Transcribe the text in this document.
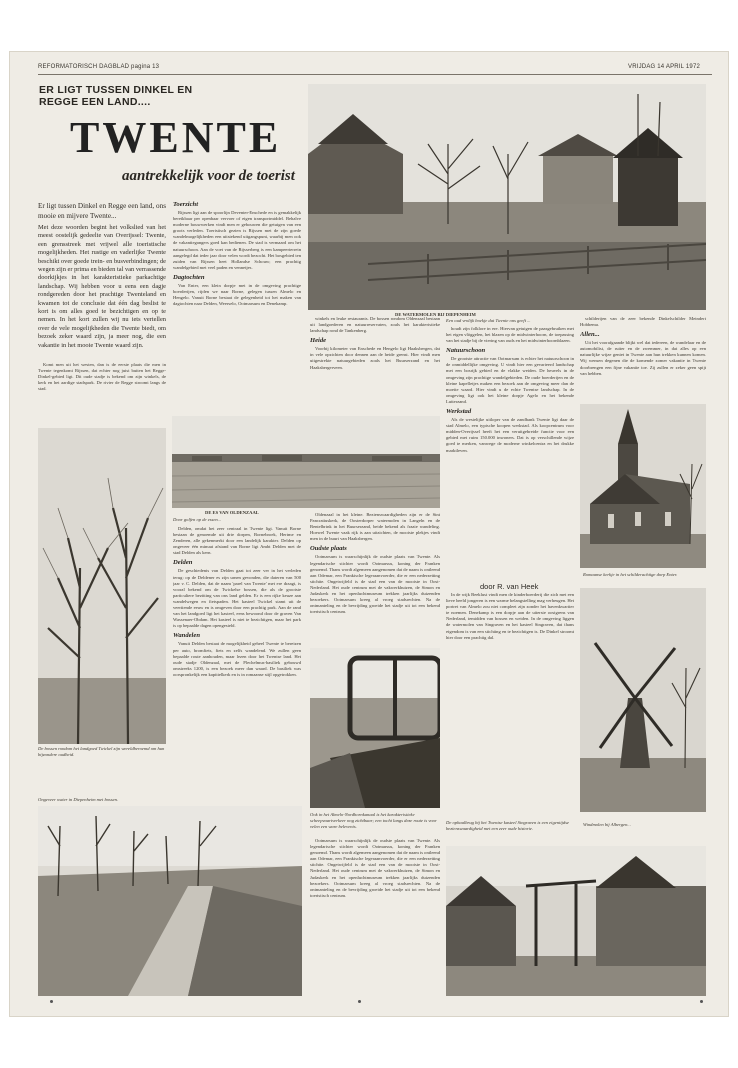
REFORMATORISCH DAGBLAD pagina 13	VRIJDAG 14 APRIL 1972
ER LIGT TUSSEN DINKEL EN REGGE EEN LAND....
TWENTE
aantrekkelijk voor de toerist

Er ligt tussen Dinkel en Regge een land, ons mooie en mijvere Twente...

Met deze woorden begint het volkslied van het meest oostelijk gedeelte van Overijssel: Twente, een grensstreek met vrijwel alle toeristische mogelijkheden. Het rustige en vaderlijke Twente beschikt over goede trein- en busverbindingen; de wegen zijn er prima en bieden tal van verrassende doorkijkjes in het karakteristieke parkachtige landschap. Wij hebben voor u eens een dagje rondgereden door het prachtige Twenteland en kwamen tot de conclusie dat één dag beslist te kort is om alles goed te bezichtigen en op te nemen. In het kort zullen wij nu iets vertellen over de vele mogelijkheden die Twente biedt, om bezoek zeker waard zijn, ja meer nog, die een vakantie in het mooie Twente waard zijn.

Komt men uit het westen, dan is de eerste plaats die men in Twente tegenkomt Rijssen, dat echter nog juist buiten het Regge-Dinkel-gebied ligt. Dit oude stadje is bekend om zijn winkels, de kerk en het aardige stadspark. De rivier de Regge stroomt langs de stad.

Toerzicht

Rijssen ligt aan de spoorlijn Deventer-Enschede en is gemakkelijk bereikbaar per openbaar vervoer of eigen transportmiddel. Behalve moderne bouwwerken vindt men er gebouwen die getuigen van een groots verleden. Toeristisch gezien is Rijssen met de zijn goede wandelmogelijkheden een uitstekend uitgangspunt, waarbij men ook de vakantiegangers goed kan bedienen. De stad is vermaard om het natuurschoon. Aan de voet van de Rijsserberg is een kampeerterrein aangelegd dat ieder jaar door velen wordt bezocht. Het bosgebied ten zuiden van Rijssen heet Hollandse Schouw; een prachtig wandelgebied met veel paden en vennetjes.

Dagtochten

Van Enter, een klein dorpje met in de omgeving prachtige boerderijen, rijden we naar Borne, gelegen tussen Almelo en Hengelo. Vanuit Borne bestaat de gelegenheid tot het maken van dagtochten naar Delden, Weerselo, Ootmarsum en Denekamp.

winkels en leuke restaurants. De bossen rondom Oldenzaal bestaan uit landgoederen en natuurreservaten, zoals het karakteristieke landschap rond de Tankenberg.

Heide

Voorbij kilometer van Enschede en Hengelo ligt Haaksbergen, dat in vele opzichten door dennen aan de heide grenst. Hier vindt men uitgestrekte natuurgebieden zoals het Buurserzand en het Haaksbergerveen.

houdt zijn folklore in ere. Hiervan getuigen de paasgebruiken met het eigen vlöggelen, het blazen op de midwinterhoorn, de toepassing van het stadje bij de viering van ouds en het midwinterhoornblazen.

Natuurschoon

De grootste attractie van Ootmarsum is echter het natuurschoon in de onmiddellijke omgeving. U vindt hier een gevarieerd landschap met een bosrijk gebied en de vlakke weiden. De heuvels in de omgeving zijn prachtige wandelgebieden. De oude boerderijen en de kleine kapelletjes maken een bezoek aan de omgeving meer dan de moeite waard. Hier vindt u de echte Twentse landschap. In de omgeving ligt ook het kleine dorpje Agelo en het bekende Lutterzand.

Werkstad

Als de westelijke uitloper van de zandbank Twente ligt daar de stad Almelo, een typische koopen werkstad. Als koopcentrum voor midden-Overijssel heeft het een veruitgebreide functie voor een gebied met ruim 150.000 inwoners. Dat is op verschillende wijze goed te merken, vanwege de moderne winkelcentra en het drukke marktleven.

door R. van Heek

schilderijen van de zeer bekende Dinkelschilder Meindert Hobbema.

Allen...

Uit het voorafgaande blijkt wel dat iedereen, de wandelaar en de automobilist, de ruiter en de zwemmer, in dat alles op een natuurlijke wijze geniet in Twente aan hun trekken kunnen komen. Wij wensen degenen die de komende zomer vakantie in Twente doorbrengen een fijne vakantie toe. Zij zullen er zeker geen spijt van hebben.

DE WATERMOLEN BIJ DIEPENHEIM
Een oud vrolijk boekje dat Twente ons geeft ...
DE ES VAN OLDENZAAL
Door golfen op de essen...

Delden, omdat het zeer centraal in Twente ligt. Vanuit Borne bestaan de genoemde uit drie dorpen, Bornebroek, Hertme en Zenderen, alle gekenmerkt door een landelijk karakter. Delden op ongeveer één minuut afstand van Borne ligt Ambt Delden met de stad Delden als kern.

Delden

De geschiedenis van Delden gaat tot zeer ver in het verleden terug: op de Deldener es zijn urnen gevonden, die dateren van 500 jaar v. C. Delden, dat de naam 'parel van Twente' met ere draagt, is vooral bekend om de Twickelse bossen, die als de grootste particuliere bezitting van ons land gelden. Er is een rijke keuze aan wandelwegen en fietspaden. Het kasteel Twickel stamt uit de veertiende eeuw en is omgeven door een prachtig park. Aan de rand van het landgoed ligt het kasteel, eens bewoond door de graven Van Wassenaer-Obdam. Het kasteel is niet te bezichtigen, maar het park is op bepaalde dagen opengesteld.

Wandelen

Vanuit Delden bestaat de mogelijkheid geheel Twente te bereizen per auto, bromfiets, fiets en zelfs wandelend. We zullen geen bepaalde route aanhouden, maar lezen door het Twentse land. Het oude stadje Oldenzaal, met de Plechelmus-basiliek gebouwd omstreeks 1200, is een bezoek meer dan waard. De basiliek was oorspronkelijk een kapittelkerk en is in romaanse stijl opgetrokken.

Oldenzaal in het kleine. Bezienswaardigheden zijn er de Sint Pancratiuskerk, de Oosterdorper watermolen in Langeln en de Bentelbrink in het Buurserzand, beide bekend als fraaie wandeling. Hoewel Twente vaak rijk is aan uitzichten, de mooiste plekjes vindt men in de buurt van Haaksbergen.

Oudste plaats

Ootmarsum is waarschijnlijk de oudste plaats van Twente. Als legendarische stichter wordt Ootmarsus, koning der Franken genoemd. Thans wordt algemeen aangenomen dat de naam is ontleend aan Odemar, een Frankische legeraanvoerder, die er een nederzetting stichtte. Ongetwijfeld is de stad een van de mooiste in Oost-Nederland. Het oude centrum met de vakwerkhuizen, de Simon en Judaskerk en het openluchtmuseum trekken jaarlijks duizenden bezoekers. Ootmarsum kreeg al vroeg stadsrechten. Na de ontmanteling en de bevrijding groeide het stadje uit tot een bekend toeristisch centrum.

De bossen rondom het landgoed Twickel zijn wereldberoemd om hun bijzondere oudheid.
Ongeveer water in Diepenheim met bossen.
Ook in het Almelo-Nordhornkanaal is het karakteristieke scheepvaartverkeer nog zichtbaar; een tocht langs deze route is voor velen een ware belevenis.

Ootmarsum is waarschijnlijk de oudste plaats van Twente. Als legendarische stichter wordt Ootmarsus, koning der Franken genoemd. Thans wordt algemeen aangenomen dat de naam is ontleend aan Odemar, een Frankische legeraanvoerder, die er een nederzetting stichtte. Ongetwijfeld is de stad een van de mooiste in Oost-Nederland. Het oude centrum met de vakwerkhuizen, de Simon en Judaskerk en het openluchtmuseum trekken jaarlijks duizenden bezoekers. Ootmarsum kreeg al vroeg stadsrechten. Na de ontmanteling en de bevrijding groeide het stadje uit tot een bekend toeristisch centrum.

Romaanse kerkje in het schilderachtige dorp Enter.

In de wijk Beeklust vindt men de kinderboerderij die zich met een lieve beeld jongeren is een warme belangstelling mag verheugen. Het portret van Almelo zou niet compleet zijn zonder het havenkwartier te noemen. Denekamp is een dorpje aan de uiterste oostgrens van Nederland, temidden van bossen en weiden. In de omgeving liggen de watermolen van Singraven en het kasteel Singraven, dat thans eigendom is van een stichting en te bezichtigen is. De Dinkel stroomt hier door een prachtig dal.

Windmolen bij Albergen...
De ophaalbrug bij het Twentse kasteel Singraven is een eigentijdse bezienswaardigheid met een zeer oude historie.
